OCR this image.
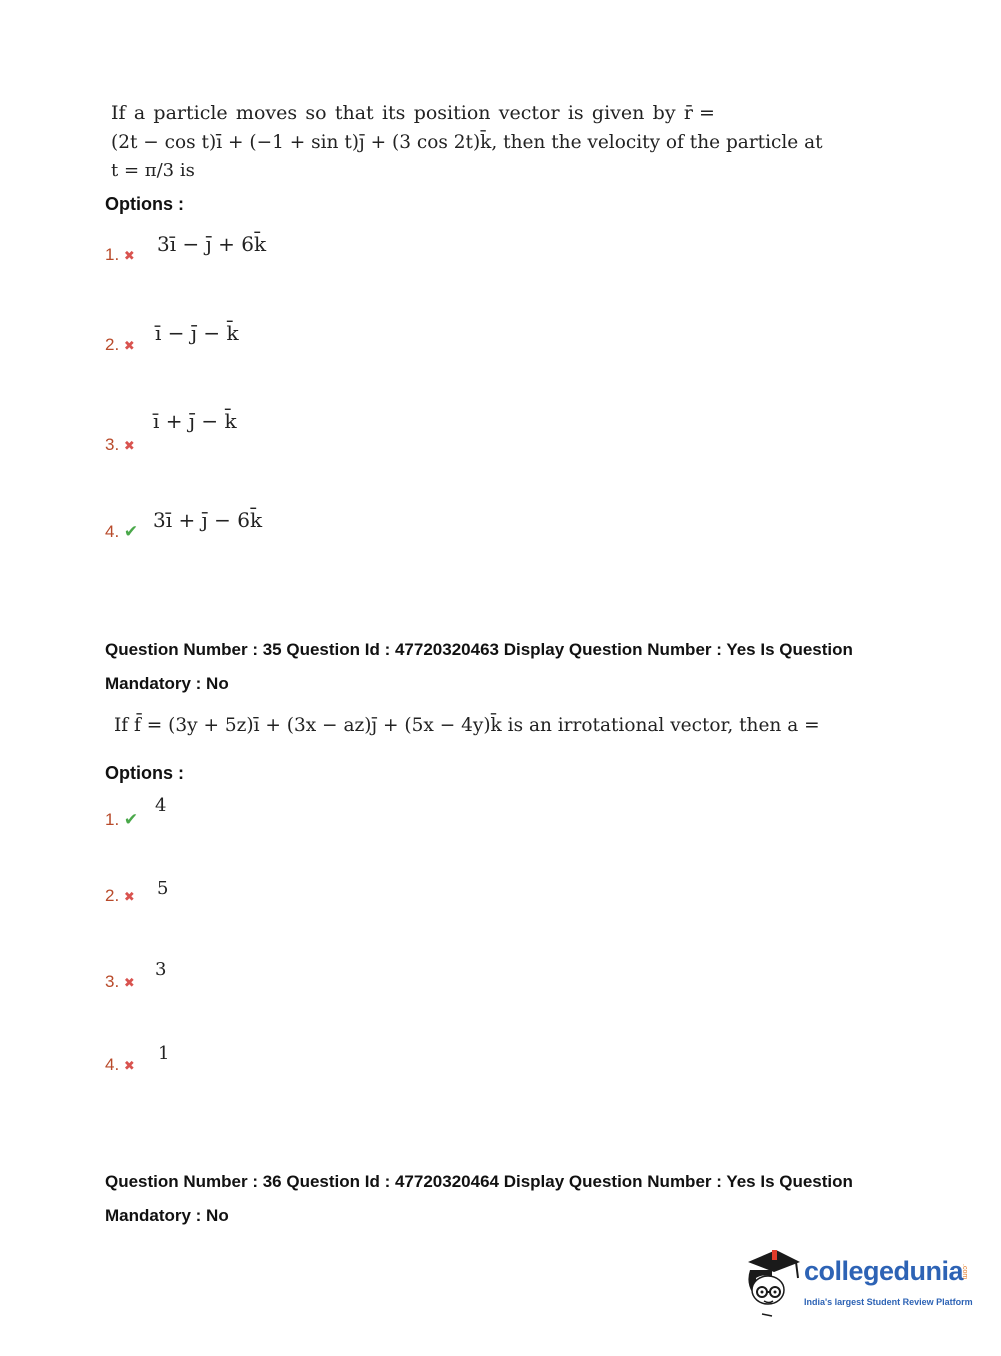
If a particle moves so that its position vector is given by r̄ =
(2t − cos t)ī + (−1 + sin t)j̄ + (3 cos 2t)k̄, then the velocity of the particle at
t = π/3 is
Options :
1. ✖ 3ī − j̄ + 6k̄
2. ✖
ī − j̄ − k̄
3. ✖
ī + j̄ − k̄
4. ✔ 3ī + j̄ − 6k̄
Question Number : 35 Question Id : 47720320463 Display Question Number : Yes Is Question
Mandatory : No
If f̄ = (3y + 5z)ī + (3x − az)j̄ + (5x − 4y)k̄ is an irrotational vector, then a =
Options :
1. ✔
4
2. ✖ 5
3. ✖
3
4. ✖
1
Question Number : 36 Question Id : 47720320464 Display Question Number : Yes Is Question
Mandatory : No
collegedunia
.com
India's largest Student Review Platform
